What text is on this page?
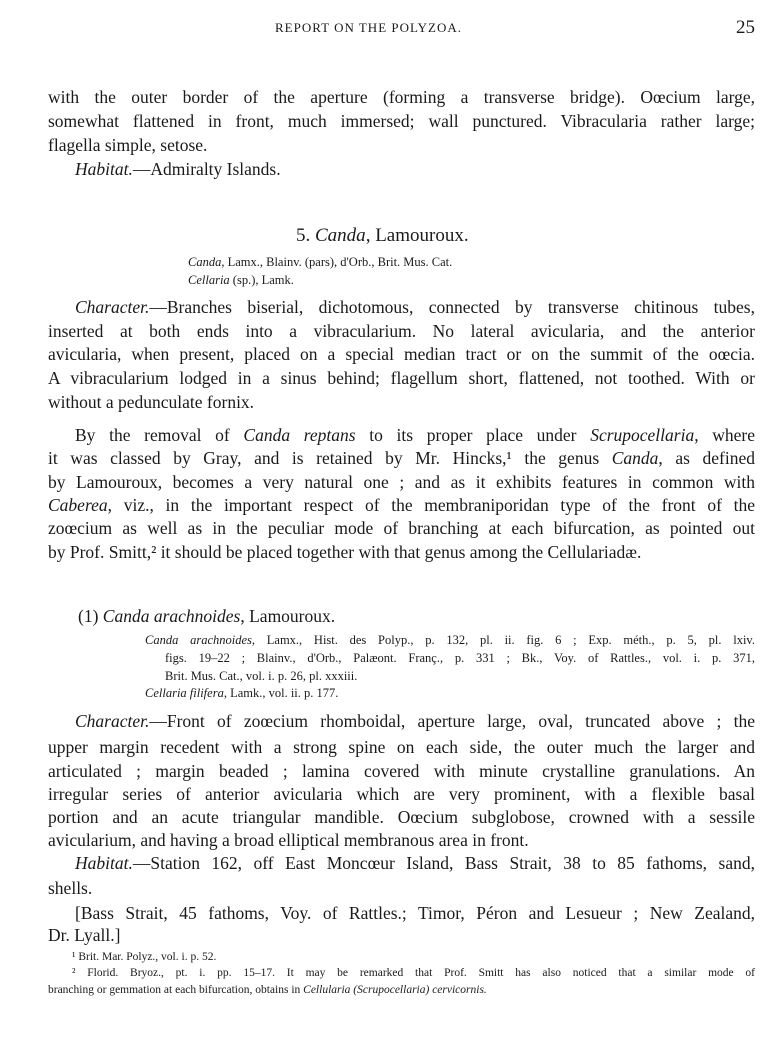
REPORT ON THE POLYZOA.	25
with the outer border of the aperture (forming a transverse bridge). Oœcium large,
somewhat flattened in front, much immersed; wall punctured. Vibracularia rather large;
flagella simple, setose.
Habitat.—Admiralty Islands.
5. Canda, Lamouroux.
Canda, Lamx., Blainv. (pars), d'Orb., Brit. Mus. Cat.
Cellaria (sp.), Lamk.
Character.—Branches biserial, dichotomous, connected by transverse chitinous tubes,
inserted at both ends into a vibracularium. No lateral avicularia, and the anterior
avicularia, when present, placed on a special median tract or on the summit of the oœcia.
A vibracularium lodged in a sinus behind; flagellum short, flattened, not toothed. With or
without a pedunculate fornix.
By the removal of Canda reptans to its proper place under Scrupocellaria, where
it was classed by Gray, and is retained by Mr. Hincks,¹ the genus Canda, as defined
by Lamouroux, becomes a very natural one ; and as it exhibits features in common with
Caberea, viz., in the important respect of the membraniporidan type of the front of the
zoœcium as well as in the peculiar mode of branching at each bifurcation, as pointed out
by Prof. Smitt,² it should be placed together with that genus among the Cellulariadæ.
(1) Canda arachnoides, Lamouroux.
Canda arachnoides, Lamx., Hist. des Polyp., p. 132, pl. ii. fig. 6 ; Exp. méth., p. 5, pl. lxiv.
figs. 19–22 ; Blainv., d'Orb., Palæont. Franç., p. 331 ; Bk., Voy. of Rattles., vol. i. p. 371,
Brit. Mus. Cat., vol. i. p. 26, pl. xxxiii.
Cellaria filifera, Lamk., vol. ii. p. 177.
Character.—Front of zoœcium rhomboidal, aperture large, oval, truncated above ; the
upper margin recedent with a strong spine on each side, the outer much the larger and
articulated ; margin beaded ; lamina covered with minute crystalline granulations. An
irregular series of anterior avicularia which are very prominent, with a flexible basal
portion and an acute triangular mandible. Oœcium subglobose, crowned with a sessile
avicularium, and having a broad elliptical membranous area in front.
Habitat.—Station 162, off East Moncœur Island, Bass Strait, 38 to 85 fathoms, sand,
shells.
[Bass Strait, 45 fathoms, Voy. of Rattles.; Timor, Péron and Lesueur ; New Zealand,
Dr. Lyall.]
¹ Brit. Mar. Polyz., vol. i. p. 52.
² Florid. Bryoz., pt. i. pp. 15–17. It may be remarked that Prof. Smitt has also noticed that a similar mode of
branching or gemmation at each bifurcation, obtains in Cellularia (Scrupocellaria) cervicornis.
